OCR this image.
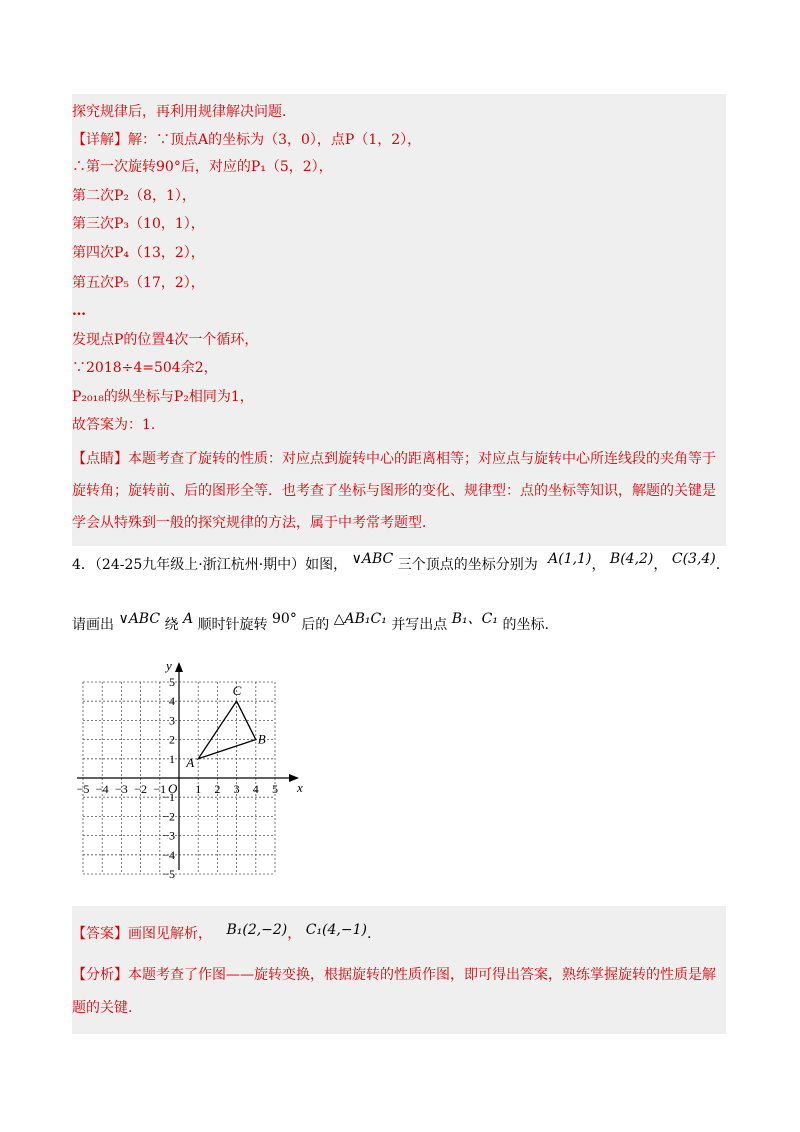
探究规律后，再利用规律解决问题.
【详解】解：∵顶点A的坐标为（3，0），点P（1，2），
∴第一次旋转90°后，对应的P₁（5，2），
第二次P₂（8，1），
第三次P₃（10，1），
第四次P₄（13，2），
第五次P₅（17，2），
…
发现点P的位置4次一个循环，
∵2018÷4=504余2，
P₂₀₁₈的纵坐标与P₂相同为1，
故答案为：1.
【点睛】本题考查了旋转的性质：对应点到旋转中心的距离相等；对应点与旋转中心所连线段的夹角等于
旋转角；旋转前、后的图形全等．也考查了坐标与图形的变化、规律型：点的坐标等知识，解题的关键是
学会从特殊到一般的探究规律的方法，属于中考常考题型．
4．（24-25九年级上·浙江杭州·期中）如图， ∨ABC 三个顶点的坐标分别为 A(1,1)， B(4,2)， C(3,4).
请画出 ∨ABC 绕 A 顺时针旋转 90° 后的 △AB₁C₁ 并写出点 B₁、C₁ 的坐标.
x
y
O
−5 −4 −3 −2 −1 1 2 3 4 5
5
4
3
2
1
−1
−2
−3
−4
−5
A
B
C
【答案】画图见解析， B₁(2,−2)， C₁(4,−1).
【分析】本题考查了作图——旋转变换，根据旋转的性质作图，即可得出答案，熟练掌握旋转的性质是解
题的关键.
